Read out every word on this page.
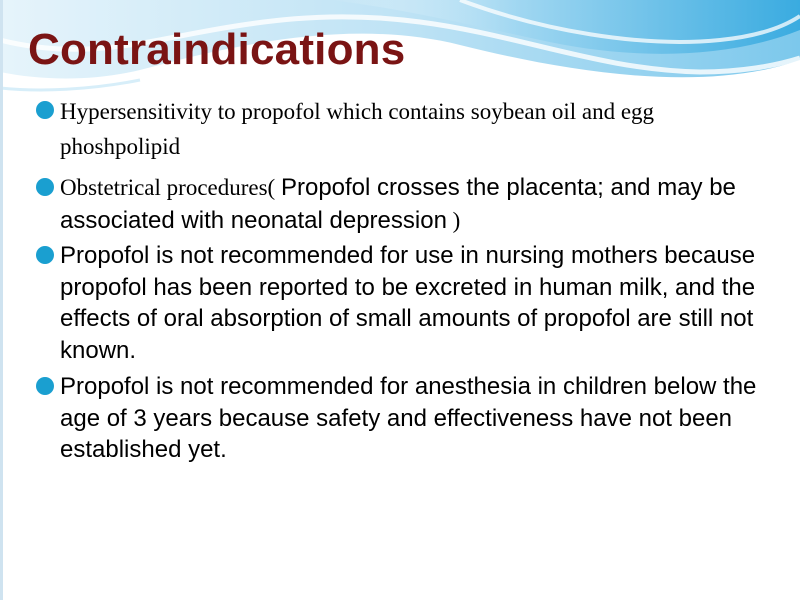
Contraindications
Hypersensitivity to propofol which contains soybean oil and egg phoshpolipid
Obstetrical procedures( Propofol crosses the placenta; and may be associated with neonatal depression )
Propofol is not recommended for use in nursing mothers because propofol has been reported to be excreted in human milk, and the effects of oral absorption of small amounts of propofol are still not known.
Propofol is not recommended for anesthesia in children below the age of 3 years because safety and effectiveness have not been established yet.
